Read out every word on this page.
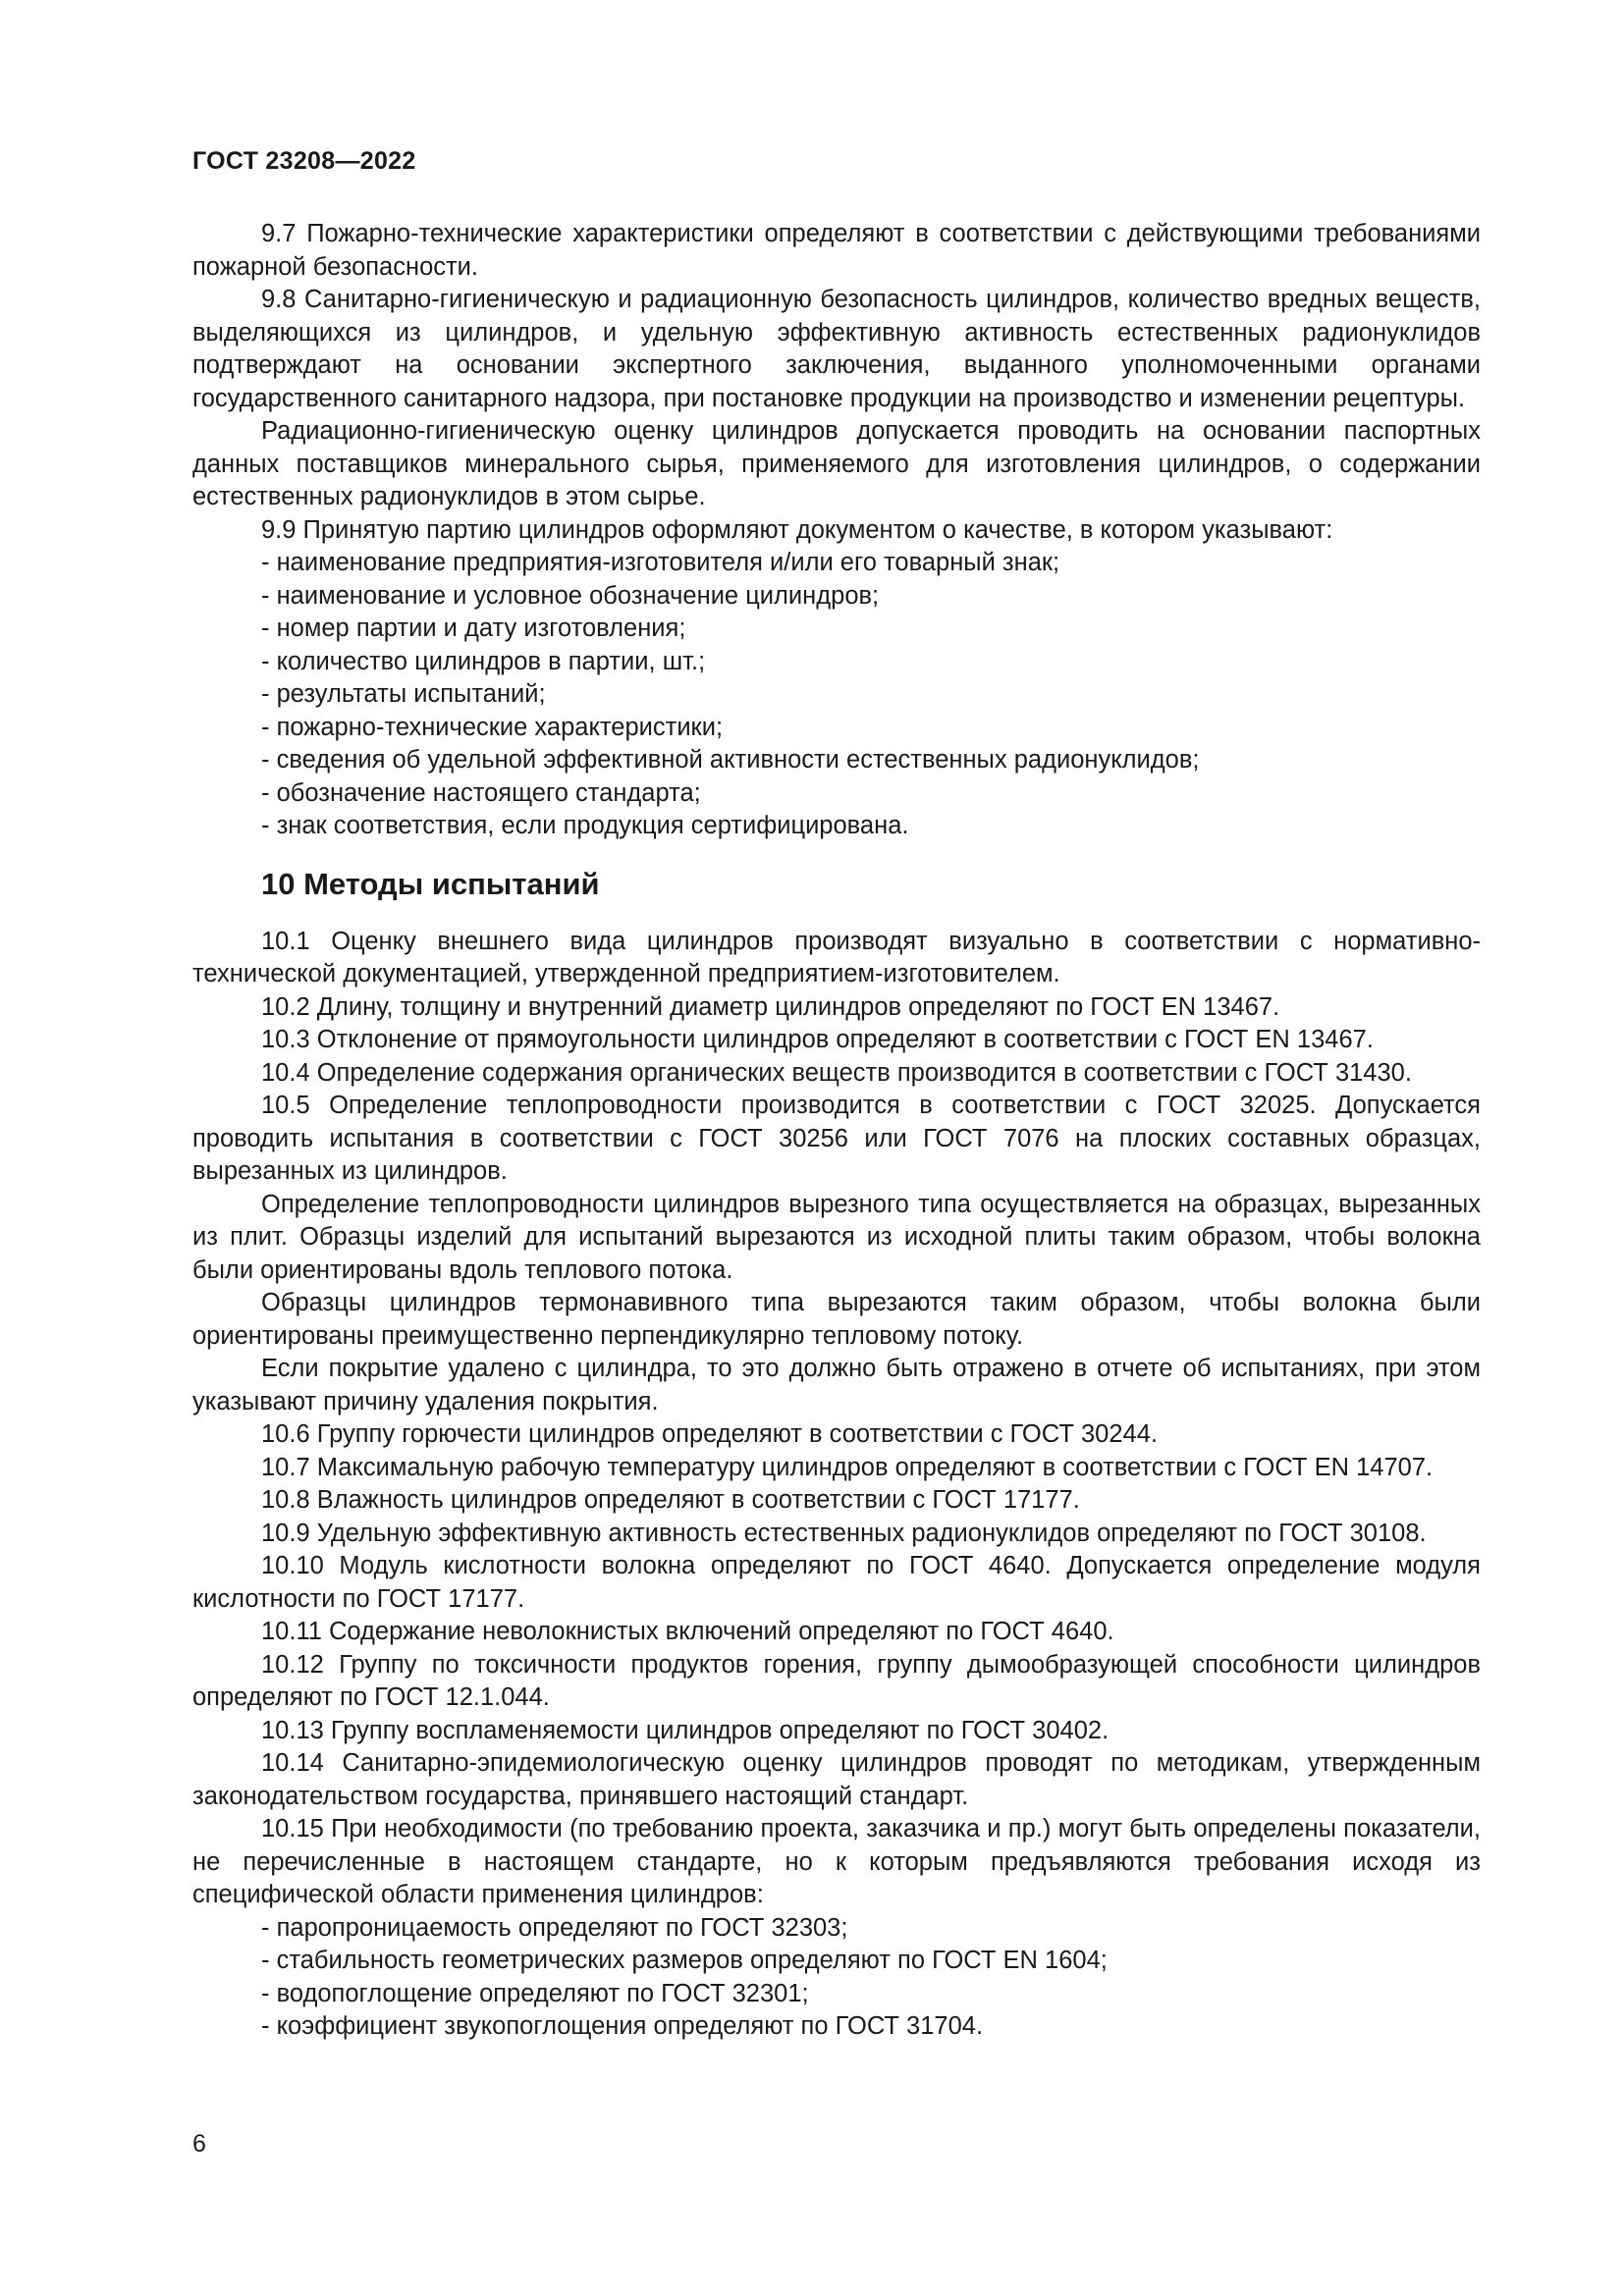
ГОСТ 23208—2022

9.7 Пожарно-технические характеристики определяют в соответствии с действующими требованиями пожарной безопасности.

9.8 Санитарно-гигиеническую и радиационную безопасность цилиндров, количество вредных веществ, выделяющихся из цилиндров, и удельную эффективную активность естественных радионуклидов подтверждают на основании экспертного заключения, выданного уполномоченными органами государственного санитарного надзора, при постановке продукции на производство и изменении рецептуры.

Радиационно-гигиеническую оценку цилиндров допускается проводить на основании паспортных данных поставщиков минерального сырья, применяемого для изготовления цилиндров, о содержании естественных радионуклидов в этом сырье.

9.9 Принятую партию цилиндров оформляют документом о качестве, в котором указывают:

- наименование предприятия-изготовителя и/или его товарный знак;

- наименование и условное обозначение цилиндров;

- номер партии и дату изготовления;

- количество цилиндров в партии, шт.;

- результаты испытаний;

- пожарно-технические характеристики;

- сведения об удельной эффективной активности естественных радионуклидов;

- обозначение настоящего стандарта;

- знак соответствия, если продукция сертифицирована.

10 Методы испытаний

10.1 Оценку внешнего вида цилиндров производят визуально в соответствии с нормативно-технической документацией, утвержденной предприятием-изготовителем.

10.2 Длину, толщину и внутренний диаметр цилиндров определяют по ГОСТ EN 13467.

10.3 Отклонение от прямоугольности цилиндров определяют в соответствии с ГОСТ EN 13467.

10.4 Определение содержания органических веществ производится в соответствии с ГОСТ 31430.

10.5 Определение теплопроводности производится в соответствии с ГОСТ 32025. Допускается проводить испытания в соответствии с ГОСТ 30256 или ГОСТ 7076 на плоских составных образцах, вырезанных из цилиндров.

Определение теплопроводности цилиндров вырезного типа осуществляется на образцах, вырезанных из плит. Образцы изделий для испытаний вырезаются из исходной плиты таким образом, чтобы волокна были ориентированы вдоль теплового потока.

Образцы цилиндров термонавивного типа вырезаются таким образом, чтобы волокна были ориентированы преимущественно перпендикулярно тепловому потоку.

Если покрытие удалено с цилиндра, то это должно быть отражено в отчете об испытаниях, при этом указывают причину удаления покрытия.

10.6 Группу горючести цилиндров определяют в соответствии с ГОСТ 30244.

10.7 Максимальную рабочую температуру цилиндров определяют в соответствии с ГОСТ EN 14707.

10.8 Влажность цилиндров определяют в соответствии с ГОСТ 17177.

10.9 Удельную эффективную активность естественных радионуклидов определяют по ГОСТ 30108.

10.10 Модуль кислотности волокна определяют по ГОСТ 4640. Допускается определение модуля кислотности по ГОСТ 17177.

10.11 Содержание неволокнистых включений определяют по ГОСТ 4640.

10.12 Группу по токсичности продуктов горения, группу дымообразующей способности цилиндров определяют по ГОСТ 12.1.044.

10.13 Группу воспламеняемости цилиндров определяют по ГОСТ 30402.

10.14 Санитарно-эпидемиологическую оценку цилиндров проводят по методикам, утвержденным законодательством государства, принявшего настоящий стандарт.

10.15 При необходимости (по требованию проекта, заказчика и пр.) могут быть определены показатели, не перечисленные в настоящем стандарте, но к которым предъявляются требования исходя из специфической области применения цилиндров:

- паропроницаемость определяют по ГОСТ 32303;

- стабильность геометрических размеров определяют по ГОСТ EN 1604;

- водопоглощение определяют по ГОСТ 32301;

- коэффициент звукопоглощения определяют по ГОСТ 31704.

6
